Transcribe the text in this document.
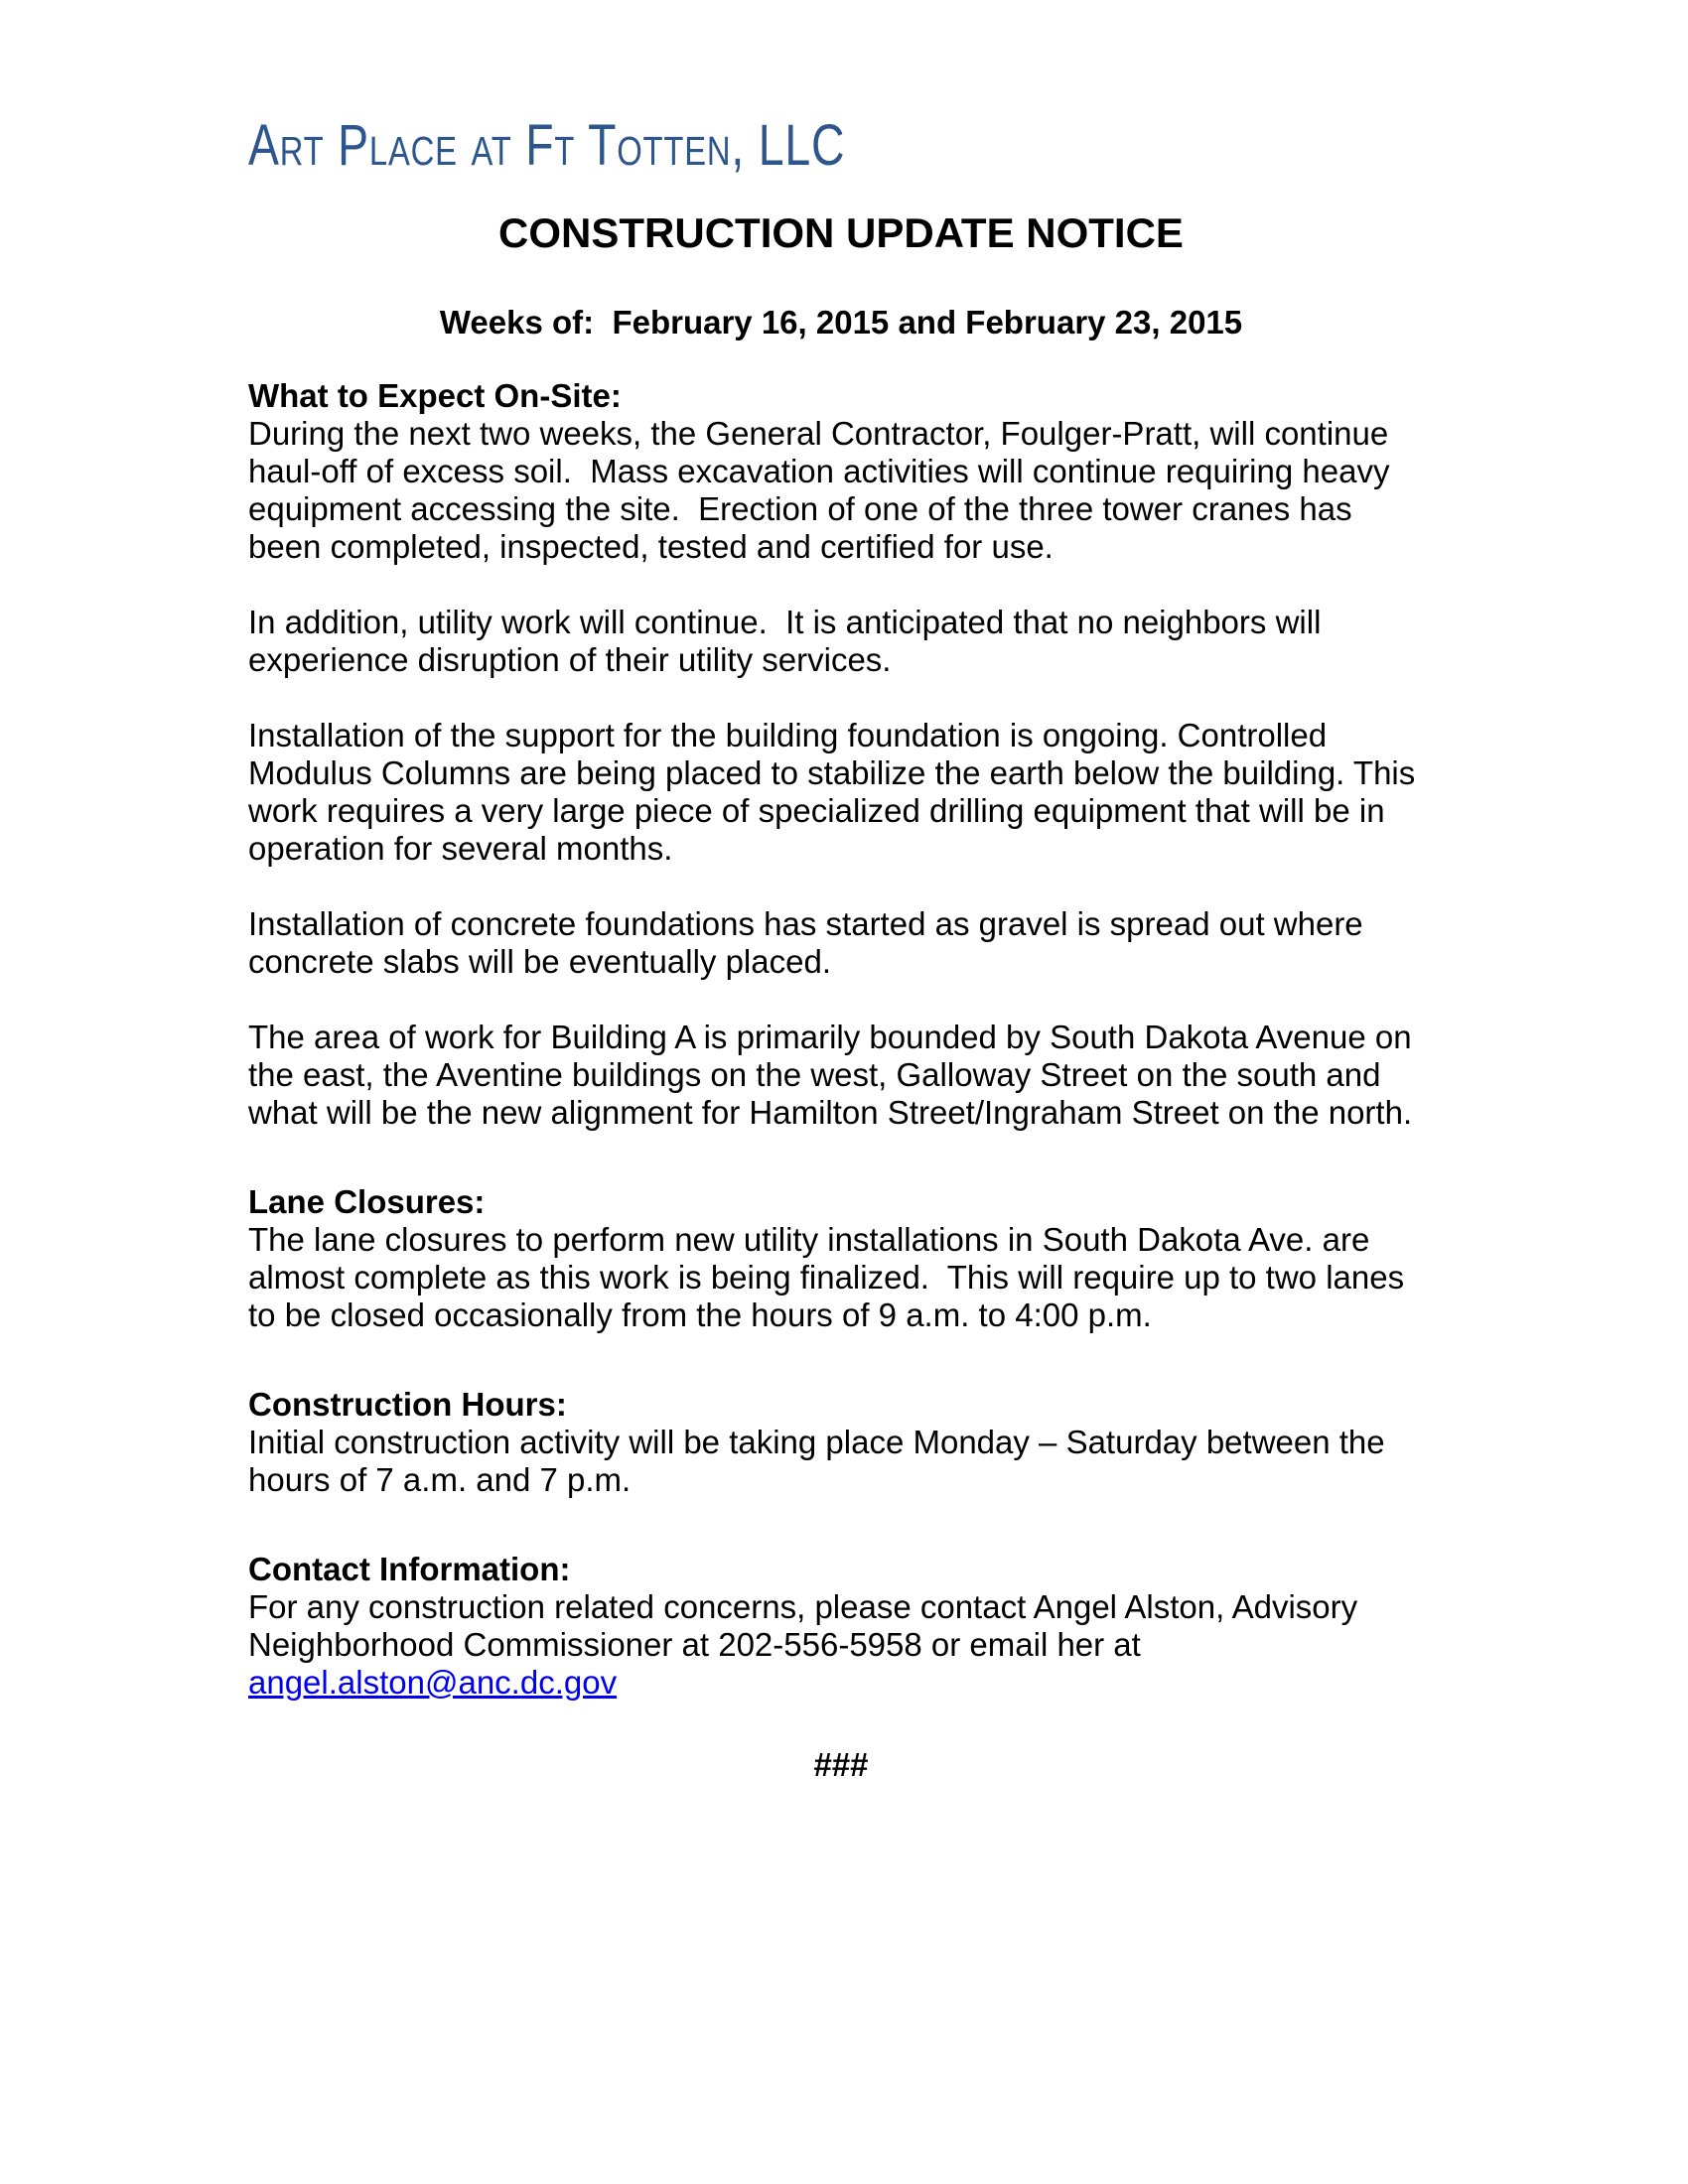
Art Place at Ft Totten, LLC
CONSTRUCTION UPDATE NOTICE

Weeks of:  February 16, 2015 and February 23, 2015

What to Expect On-Site:

During the next two weeks, the General Contractor, Foulger-Pratt, will continue haul-off of excess soil.  Mass excavation activities will continue requiring heavy equipment accessing the site.  Erection of one of the three tower cranes has been completed, inspected, tested and certified for use.

In addition, utility work will continue.  It is anticipated that no neighbors will experience disruption of their utility services.

Installation of the support for the building foundation is ongoing. Controlled Modulus Columns are being placed to stabilize the earth below the building. This work requires a very large piece of specialized drilling equipment that will be in operation for several months.

Installation of concrete foundations has started as gravel is spread out where concrete slabs will be eventually placed.

The area of work for Building A is primarily bounded by South Dakota Avenue on the east, the Aventine buildings on the west, Galloway Street on the south and what will be the new alignment for Hamilton Street/Ingraham Street on the north.

Lane Closures:

The lane closures to perform new utility installations in South Dakota Ave. are almost complete as this work is being finalized.  This will require up to two lanes to be closed occasionally from the hours of 9 a.m. to 4:00 p.m.

Construction Hours:

Initial construction activity will be taking place Monday – Saturday between the hours of 7 a.m. and 7 p.m.

Contact Information:

For any construction related concerns, please contact Angel Alston, Advisory Neighborhood Commissioner at 202-556-5958 or email her at

angel.alston@anc.dc.gov
###
